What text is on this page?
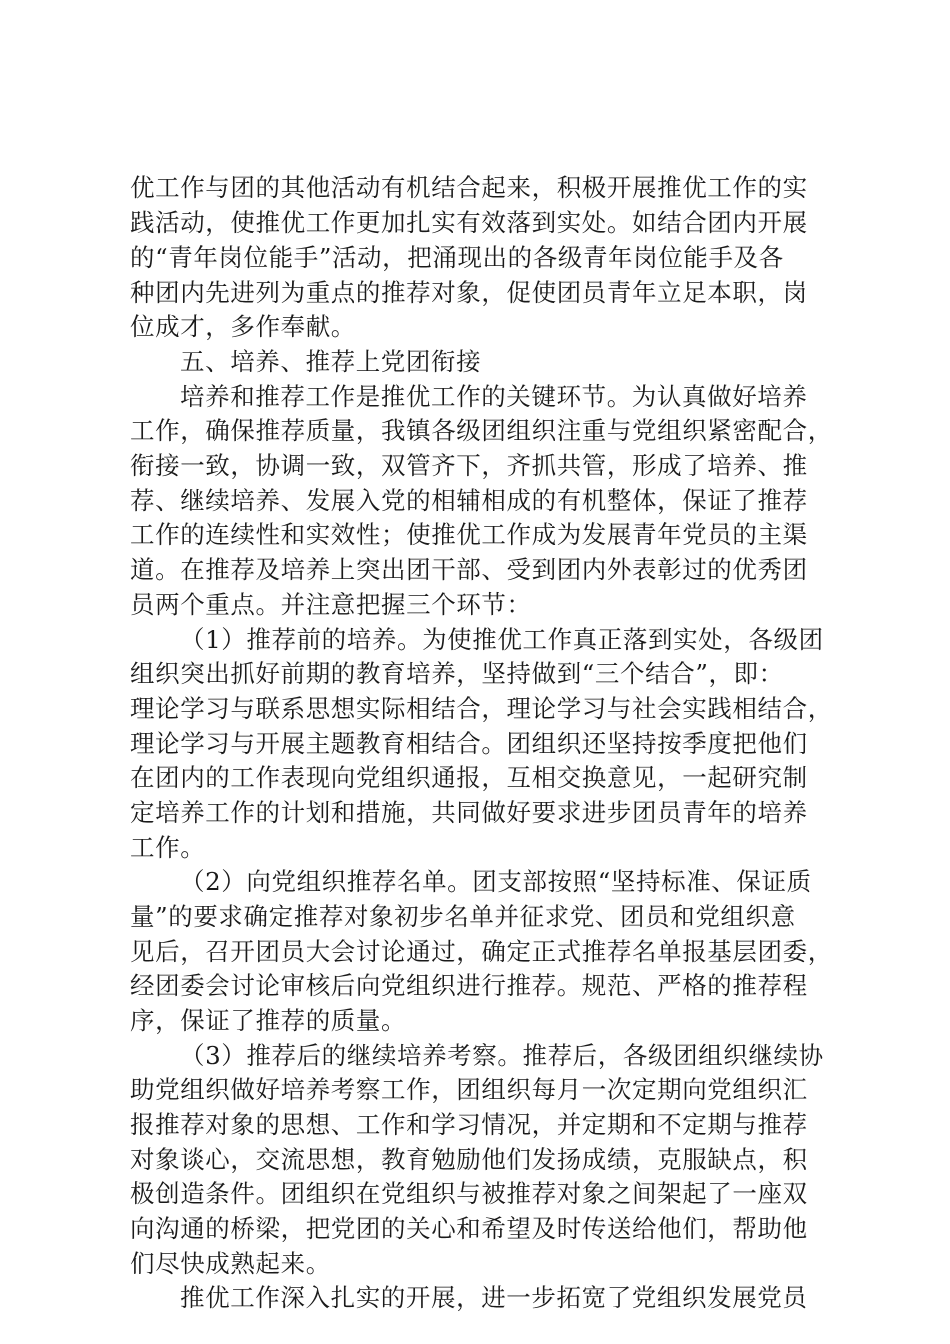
优工作与团的其他活动有机结合起来，积极开展推优工作的实
践活动，使推优工作更加扎实有效落到实处。如结合团内开展
的“青年岗位能手”活动，把涌现出的各级青年岗位能手及各
种团内先进列为重点的推荐对象，促使团员青年立足本职，岗
位成才，多作奉献。
五、培养、推荐上党团衔接
培养和推荐工作是推优工作的关键环节。为认真做好培养
工作，确保推荐质量，我镇各级团组织注重与党组织紧密配合，
衔接一致，协调一致，双管齐下，齐抓共管，形成了培养、推
荐、继续培养、发展入党的相辅相成的有机整体，保证了推荐
工作的连续性和实效性；使推优工作成为发展青年党员的主渠
道。在推荐及培养上突出团干部、受到团内外表彰过的优秀团
员两个重点。并注意把握三个环节：
（1）推荐前的培养。为使推优工作真正落到实处，各级团
组织突出抓好前期的教育培养，坚持做到“三个结合”，即：
理论学习与联系思想实际相结合，理论学习与社会实践相结合，
理论学习与开展主题教育相结合。团组织还坚持按季度把他们
在团内的工作表现向党组织通报，互相交换意见，一起研究制
定培养工作的计划和措施，共同做好要求进步团员青年的培养
工作。
（2）向党组织推荐名单。团支部按照“坚持标准、保证质
量”的要求确定推荐对象初步名单并征求党、团员和党组织意
见后，召开团员大会讨论通过，确定正式推荐名单报基层团委，
经团委会讨论审核后向党组织进行推荐。规范、严格的推荐程
序，保证了推荐的质量。
（3）推荐后的继续培养考察。推荐后，各级团组织继续协
助党组织做好培养考察工作，团组织每月一次定期向党组织汇
报推荐对象的思想、工作和学习情况，并定期和不定期与推荐
对象谈心，交流思想，教育勉励他们发扬成绩，克服缺点，积
极创造条件。团组织在党组织与被推荐对象之间架起了一座双
向沟通的桥梁，把党团的关心和希望及时传送给他们，帮助他
们尽快成熟起来。
推优工作深入扎实的开展，进一步拓宽了党组织发展党员
